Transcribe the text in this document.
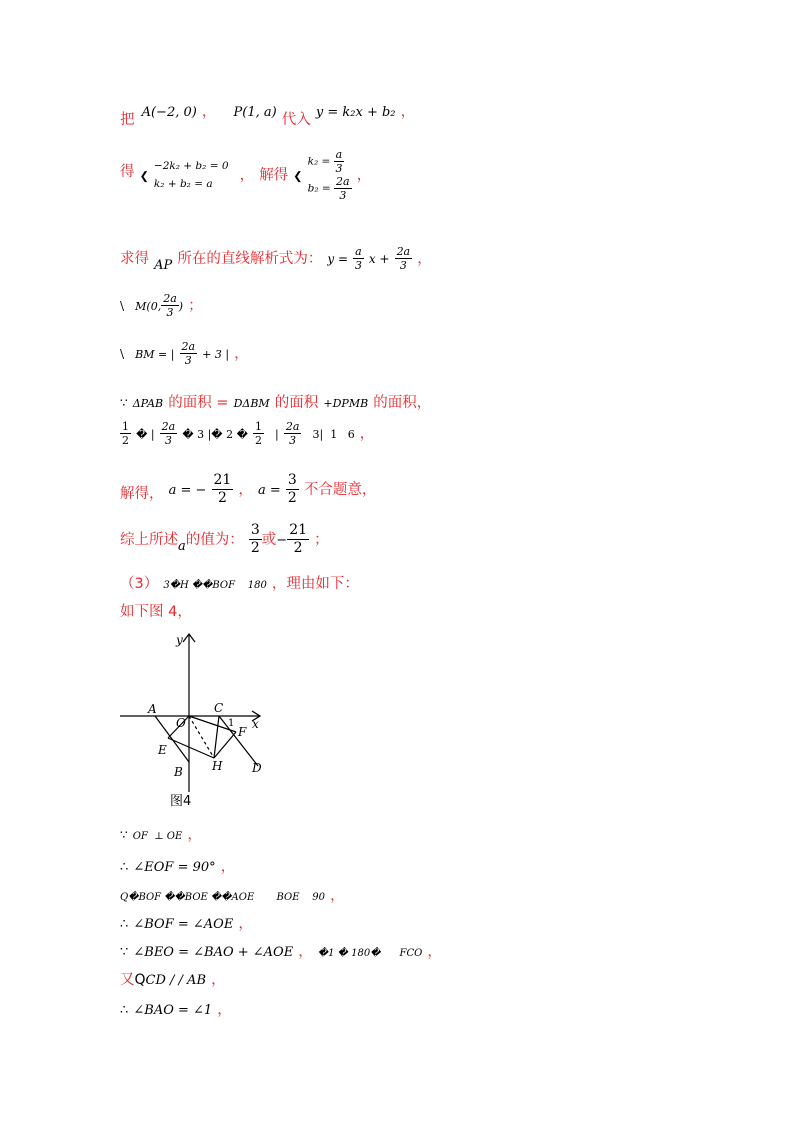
把 A(−2, 0) ， P(1, a) 代入 y = k₂x + b₂ ，
得 ❮
−2k₂ + b₂ = 0
k₂ + b₂ = a
， 解得 ❮
$k_2 = \frac{a}{3}$
$b_2 = \frac{2a}{3}$ ，
求得 $_{AP}$ 所在的直线解析式为： $y = \frac{a}{3}$ $x + \frac{2a}{3}$ ，
\ M(0, $\frac{2a}{3}$ ) ；
\ BM = | $\frac{2a}{3} + 3$ | ，
∵ ΔPAB 的面积 = DΔBM 的面积 +DPMB 的面积，
$\frac{1}{2}$ � | $\frac{2a}{3}$ � 3 |� 2 � $\frac{1}{2}$ | $\frac{2a}{3} 3|$  1   6 ，
解得， a = − $\frac{21}{2}$ ， $a = \frac{3}{2}$ 不合题意，
综上所述$_a$的值为： $\frac{3}{2}$ 或− $\frac{21}{2}$ ；
（3） 3�H ��BOF    180 ，理由如下：
如下图 4，
y
x
A
O
C
1
F
E
H
B	D
图4
∵ OF  ⊥ OE ，
∴ ∠EOF = 90° ，
Q�BOF ��BOE ��AOE       BOE    90 ，
∴ ∠BOF = ∠AOE ，
∵ ∠BEO = ∠BAO + ∠AOE ， �1 � 180�      FCO ，
又QCD / / AB ，
∴ ∠BAO = ∠1 ，
